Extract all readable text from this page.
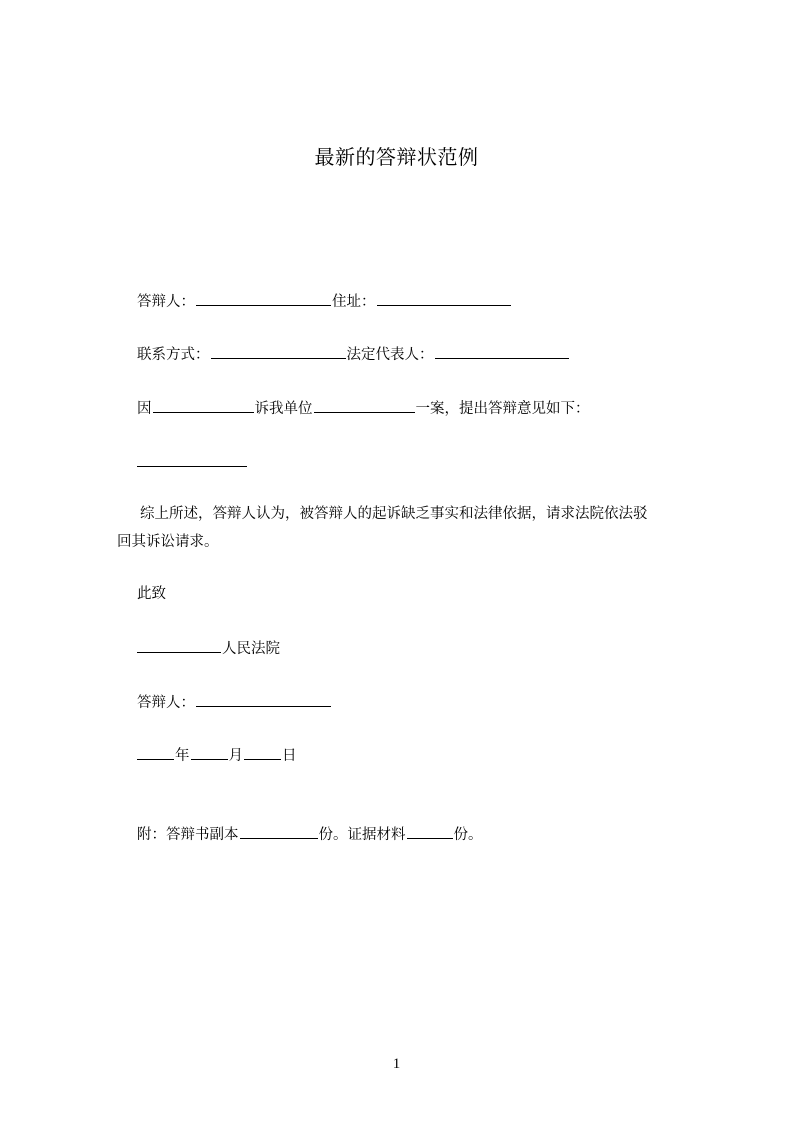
最新的答辩状范例
答辩人：	住址：
联系方式：	法定代表人：
因	诉我单位	一案，提出答辩意见如下：
综上所述，答辩人认为，被答辩人的起诉缺乏事实和法律依据，请求法院依法驳
回其诉讼请求。
此致
人民法院
答辩人：
年	月	日
附：答辩书副本	份。证据材料	份。
1
